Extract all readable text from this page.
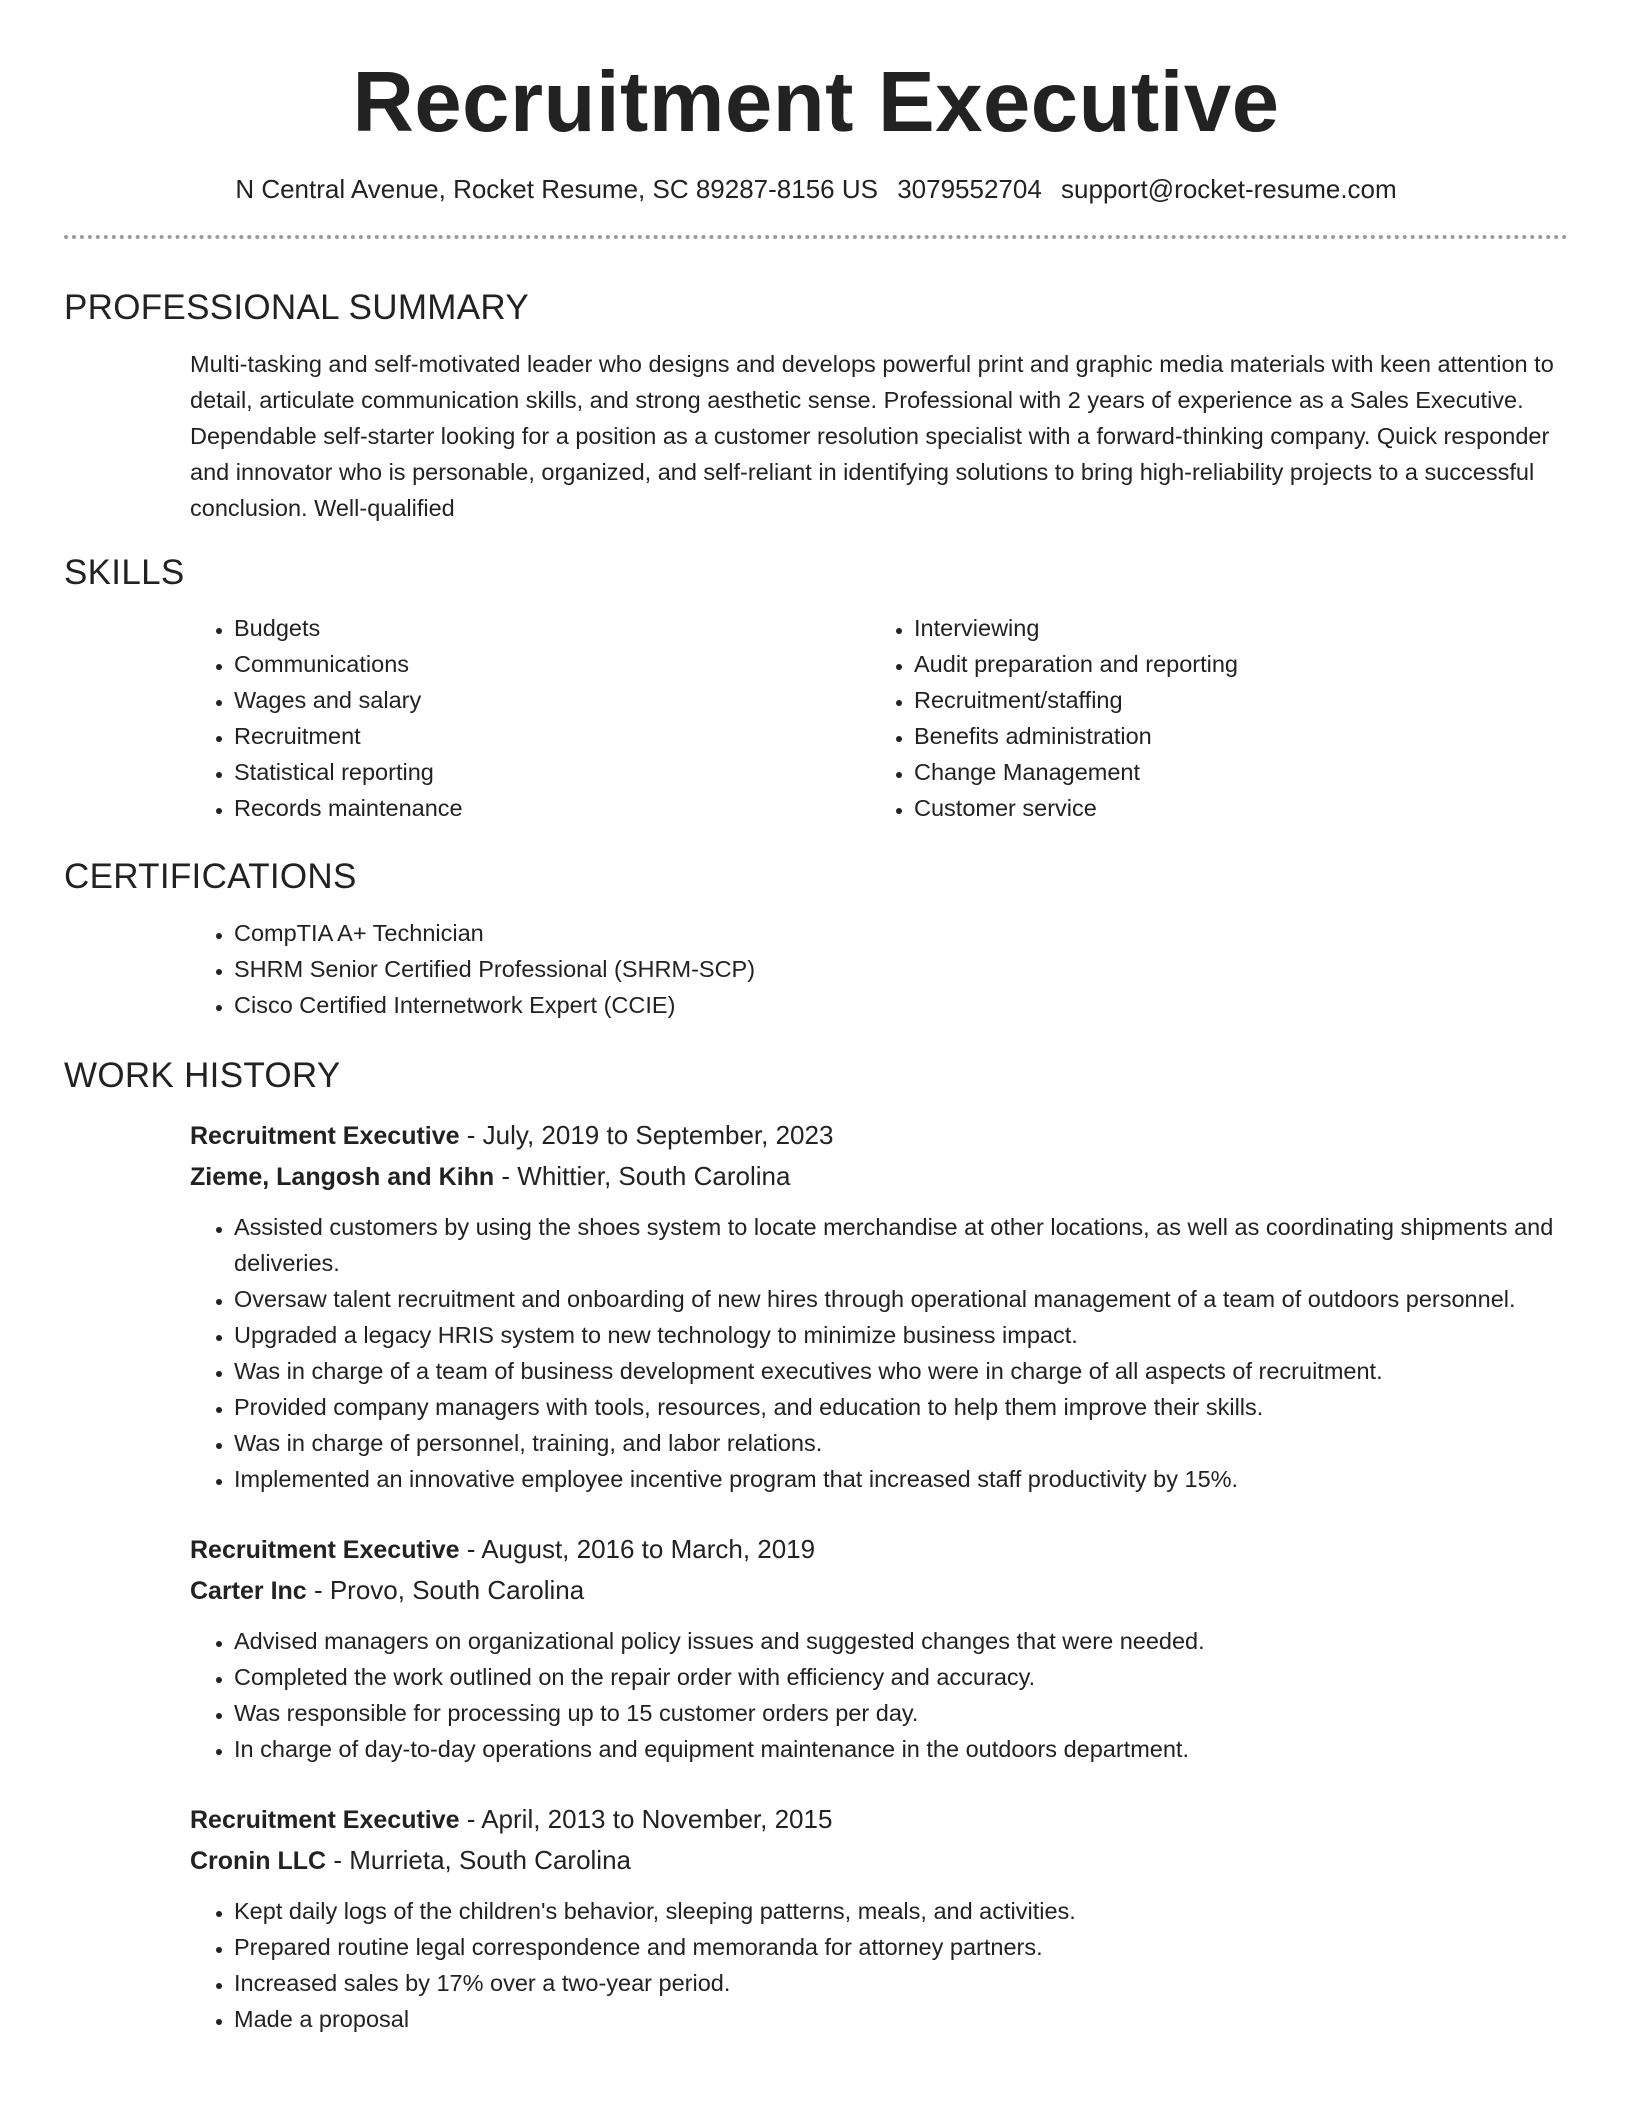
Recruitment Executive
N Central Avenue, Rocket Resume, SC 89287-8156 US 3079552704 support@rocket-resume.com
PROFESSIONAL SUMMARY

Multi-tasking and self-motivated leader who designs and develops powerful print and graphic media materials with keen attention to detail, articulate communication skills, and strong aesthetic sense. Professional with 2 years of experience as a Sales Executive. Dependable self-starter looking for a position as a customer resolution specialist with a forward-thinking company. Quick responder and innovator who is personable, organized, and self-reliant in identifying solutions to bring high-reliability projects to a successful conclusion. Well-qualified

SKILLS
• Budgets
• Communications
• Wages and salary
• Recruitment
• Statistical reporting
• Records maintenance
• Interviewing
• Audit preparation and reporting
• Recruitment/staffing
• Benefits administration
• Change Management
• Customer service
CERTIFICATIONS
• CompTIA A+ Technician
• SHRM Senior Certified Professional (SHRM-SCP)
• Cisco Certified Internetwork Expert (CCIE)
WORK HISTORY
Recruitment Executive - July, 2019 to September, 2023
Zieme, Langosh and Kihn - Whittier, South Carolina
• Assisted customers by using the shoes system to locate merchandise at other locations, as well as coordinating shipments and deliveries.
• Oversaw talent recruitment and onboarding of new hires through operational management of a team of outdoors personnel.
• Upgraded a legacy HRIS system to new technology to minimize business impact.
• Was in charge of a team of business development executives who were in charge of all aspects of recruitment.
• Provided company managers with tools, resources, and education to help them improve their skills.
• Was in charge of personnel, training, and labor relations.
• Implemented an innovative employee incentive program that increased staff productivity by 15%.
Recruitment Executive - August, 2016 to March, 2019
Carter Inc - Provo, South Carolina
• Advised managers on organizational policy issues and suggested changes that were needed.
• Completed the work outlined on the repair order with efficiency and accuracy.
• Was responsible for processing up to 15 customer orders per day.
• In charge of day-to-day operations and equipment maintenance in the outdoors department.
Recruitment Executive - April, 2013 to November, 2015
Cronin LLC - Murrieta, South Carolina
• Kept daily logs of the children's behavior, sleeping patterns, meals, and activities.
• Prepared routine legal correspondence and memoranda for attorney partners.
• Increased sales by 17% over a two-year period.
• Made a proposal
